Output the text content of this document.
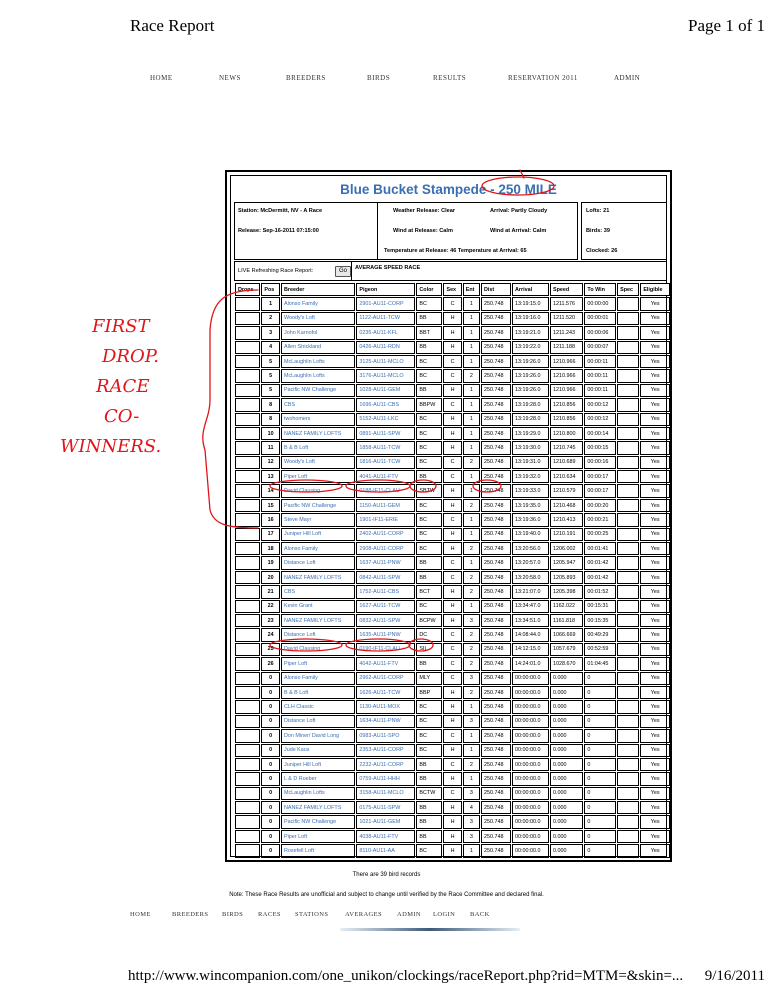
Race Report	Page 1 of 1
HOME	NEWS	BREEDERS	BIRDS	RESULTS	RESERVATION 2011	ADMIN
Blue Bucket Stampede - 250 MILE
Station: McDermitt, NV - A Race
Release: Sep-16-2011 07:15:00
Weather Release: Clear	Arrival: Partly Cloudy
Wind at Release: Calm	Wind at Arrival: Calm
Temperature at Release: 46 Temperature at Arrival: 65
Lofts: 21
Birds: 39
Clocked: 26
LIVE Refreshing Race Report:	Go	AVERAGE SPEED RACE
Drops	Pos	Breeder	Pigeon	Color	Sex	Ent	Dist	Arrival	Speed	To Win	Spec	Eligible
	1	Alonso Family	2901-AU11-CORP	BC	C	1	250.748	13:19:15.0	1211.576	00:00:00		Yes
	2	Woody's Loft	1122-AU11-TCW	BB	H	1	250.748	13:19:16.0	1211.520	00:00:01		Yes
	3	John Karnofol	0235-AU11-KFL	BBT	H	1	250.748	13:19:21.0	1211.243	00:00:06		Yes
	4	Allen Strickland	0426-AU11-RDN	BB	H	1	250.748	13:19:22.0	1211.188	00:00:07		Yes
	5	McLaughlin Lofts	3125-AU11-MCLO	BC	C	1	250.748	13:19:26.0	1210.966	00:00:11		Yes
	5	McLaughlin Lofts	3176-AU11-MCLO	BC	C	2	250.748	13:19:26.0	1210.966	00:00:11		Yes
	5	Pacific NW Challenge	1028-AU11-GEM	BB	H	1	250.748	13:19:26.0	1210.966	00:00:11		Yes
	8	CBS	1696-AU11-CBS	BBPW	C	1	250.748	13:19:28.0	1210.856	00:00:12		Yes
	8	twohomers	5152-AU11-LKC	BC	H	1	250.748	13:19:28.0	1210.856	00:00:12		Yes
	10	NANEZ FAMILY LOFTS	0891-AU11-SPW	BC	H	1	250.748	13:19:29.0	1210.800	00:00:14		Yes
	11	B & B Loft	1858-AU11-TCW	BC	H	1	250.748	13:19:30.0	1210.745	00:00:15		Yes
	12	Woody's Loft	1816-AU11-TCW	BC	C	2	250.748	13:19:31.0	1210.689	00:00:16		Yes
	13	Piper Loft	4041-AU11-FTV	BB	C	1	250.748	13:19:32.0	1210.634	00:00:17		Yes
	14	David Clausing	0188-IF11-CLAU	SBTW	H	1	250.748	13:19:33.0	1210.579	00:00:17		Yes
	15	Pacific NW Challenge	1150-AU11-GEM	BC	H	2	250.748	13:19:35.0	1210.468	00:00:20		Yes
	16	Steve Mayr	1901-IF11-ERIE	BC	C	1	250.748	13:19:36.0	1210.413	00:00:21		Yes
	17	Juniper Hill Loft	2402-AU11-CORP	BC	H	1	250.748	13:19:40.0	1210.191	00:00:25		Yes
	18	Alonso Family	2908-AU11-CORP	BC	H	2	250.748	13:20:56.0	1206.002	00:01:41		Yes
	19	Distance Loft	1637-AU11-PNW	BB	C	1	250.748	13:20:57.0	1205.947	00:01:42		Yes
	20	NANEZ FAMILY LOFTS	0842-AU11-SPW	BB	C	2	250.748	13:20:58.0	1205.893	00:01:42		Yes
	21	CBS	1752-AU11-CBS	BCT	H	2	250.748	13:21:07.0	1205.398	00:01:52		Yes
	22	Kevin Grant	1627-AU11-TCW	BC	H	1	250.748	13:34:47.0	1162.022	00:15:31		Yes
	23	NANEZ FAMILY LOFTS	0832-AU11-SPW	BCPW	H	3	250.748	13:34:51.0	1161.818	00:15:35		Yes
	24	Distance Loft	1635-AU11-PNW	DC	C	2	250.748	14:08:44.0	1066.669	00:49:29		Yes
	25	David Clausing	0190-IF11-CLAU	SIL	C	2	250.748	14:12:15.0	1057.679	00:52:59		Yes
	26	Piper Loft	4042-AU11-FTV	BB	C	2	250.748	14:24:01.0	1028.670	01:04:45		Yes
	0	Alonso Family	2962-AU11-CORP	MLY	C	3	250.748	00:00:00.0	0.000	0		Yes
	0	B & B Loft	1626-AU11-TCW	BBP	H	2	250.748	00:00:00.0	0.000	0		Yes
	0	CLH Classic	1130-AU11-MOX	BC	H	1	250.748	00:00:00.0	0.000	0		Yes
	0	Distance Loft	1634-AU11-PNW	BC	H	3	250.748	00:00:00.0	0.000	0		Yes
	0	Don Miner/ David Long	0983-AU11-SPO	BC	C	1	250.748	00:00:00.0	0.000	0		Yes
	0	Jude Kaus	2353-AU11-CORP	BC	H	1	250.748	00:00:00.0	0.000	0		Yes
	0	Juniper Hill Loft	2232-AU11-CORP	BB	C	2	250.748	00:00:00.0	0.000	0		Yes
	0	L & D Rueber	0759-AU11-HHH	BB	H	1	250.748	00:00:00.0	0.000	0		Yes
	0	McLaughlin Lofts	3158-AU11-MCLO	BCTW	C	3	250.748	00:00:00.0	0.000	0		Yes
	0	NANEZ FAMILY LOFTS	0175-AU11-SPW	BB	H	4	250.748	00:00:00.0	0.000	0		Yes
	0	Pacific NW Challenge	1021-AU11-GEM	BB	H	3	250.748	00:00:00.0	0.000	0		Yes
	0	Piper Loft	4038-AU11-FTV	BB	H	3	250.748	00:00:00.0	0.000	0		Yes
	0	Rosefell Loft	8110-AU11-AA	BC	H	1	250.748	00:00:00.0	0.000	0		Yes
There are 39 bird records
Note: These Race Results are unofficial and subject to change until verified by the Race Committee and declared final.
HOME	BREEDERS BIRDS RACES STATIONS	AVERAGES ADMIN LOGIN BACK
http://www.wincompanion.com/one_unikon/clockings/raceReport.php?rid=MTM=&skin=... 9/16/2011
FIRST
DROP.
RACE
CO-
WINNERS.
